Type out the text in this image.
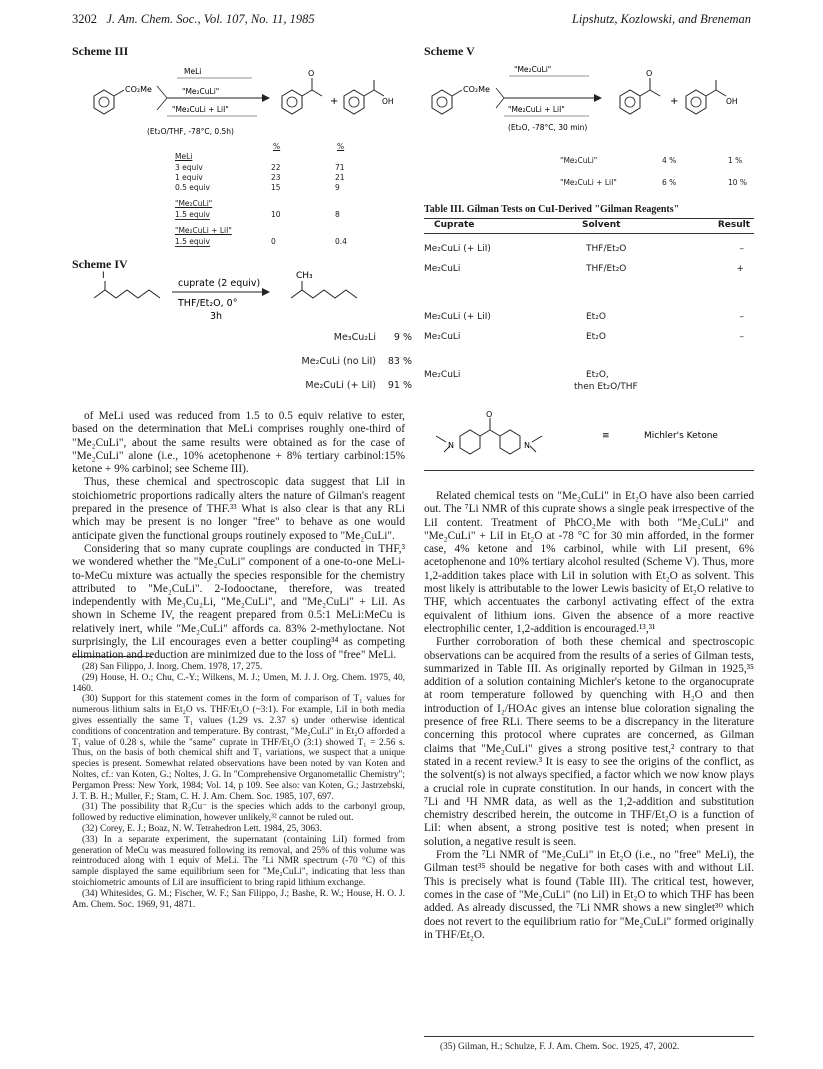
3202 J. Am. Chem. Soc., Vol. 107, No. 11, 1985	Lipshutz, Kozlowski, and Breneman
Scheme III
CO₂Me
MeLi
"Me₂CuLi"
"Me₂CuLi + LiI"
O
+	OH
(Et₂O/THF, -78°C, 0.5h)
%	%
MeLi
3 equiv	22	71
1 equiv	23	21
0.5 equiv	15	9
"Me₂CuLi"
1.5 equiv	10	8
"Me₂CuLi + LiI"
1.5 equiv	0	0.4
Scheme IV
I
cuprate (2 equiv)
THF/Et₂O, 0°
3h
CH₃
Me₃Cu₂Li 9 %
Me₂CuLi (no LiI) 83 %
Me₂CuLi (+ LiI) 91 %

of MeLi used was reduced from 1.5 to 0.5 equiv relative to ester, based on the determination that MeLi comprises roughly one-third of "Me₂CuLi", about the same results were obtained as for the case of "Me₂CuLi" alone (i.e., 10% acetophenone + 8% tertiary carbinol:15% ketone + 9% carbinol; see Scheme III).

Thus, these chemical and spectroscopic data suggest that LiI in stoichiometric proportions radically alters the nature of Gilman's reagent prepared in the presence of THF.³³ What is also clear is that any RLi which may be present is no longer "free" to behave as one would anticipate given the functional groups routinely exposed to "Me₂CuLi".

Considering that so many cuprate couplings are conducted in THF,³ we wondered whether the "Me₂CuLi" component of a one-to-one MeLi-to-MeCu mixture was actually the species responsible for the chemistry attributed to "Me₂CuLi". 2-Iodooctane, therefore, was treated independently with Me₃Cu₂Li, "Me₂CuLi", and "Me₂CuLi" + LiI. As shown in Scheme IV, the reagent prepared from 0.5:1 MeLi:MeCu is relatively inert, while "Me₂CuLi" affords ca. 83% 2-methyloctane. Not surprisingly, the LiI encourages even a better coupling³⁴ as competing elimination and reduction are minimized due to the loss of "free" MeLi.

(28) San Filippo, J. Inorg. Chem. 1978, 17, 275.

(29) House, H. O.; Chu, C.-Y.; Wilkens, M. J.; Umen, M. J. J. Org. Chem. 1975, 40, 1460.

(30) Support for this statement comes in the form of comparison of T₁ values for numerous lithium salts in Et₂O vs. THF/Et₂O (~3:1). For example, LiI in both media gives essentially the same T₁ values (1.29 vs. 2.37 s) under otherwise identical conditions of concentration and temperature. By contrast, "Me₂CuLi" in Et₂O afforded a T₁ value of 0.28 s, while the "same" cuprate in THF/Et₂O (3:1) showed T₁ = 2.56 s. Thus, on the basis of both chemical shift and T₁ variations, we suspect that a unique species is present. Somewhat related observations have been noted by van Koten and Noltes, cf.: van Koten, G.; Noltes, J. G. In "Comprehensive Organometallic Chemistry"; Pergamon Press: New York, 1984; Vol. 14, p 109. See also: van Koten, G.; Jastrzebski, J. T. B. H.; Muller, F.; Stam, C. H. J. Am. Chem. Soc. 1985, 107, 697.

(31) The possibility that R₂Cu⁻ is the species which adds to the carbonyl group, followed by reductive elimination, however unlikely,³² cannot be ruled out.

(32) Corey, E. J.; Boaz, N. W. Tetrahedron Lett. 1984, 25, 3063.

(33) In a separate experiment, the supernatant (containing LiI) formed from generation of MeCu was measured following its removal, and 25% of this volume was reintroduced along with 1 equiv of MeLi. The ⁷Li NMR spectrum (-70 °C) of this sample displayed the same equilibrium seen for "Me₂CuLi", indicating that less than stoichiometric amounts of LiI are insufficient to bring rapid lithium exchange.

(34) Whitesides, G. M.; Fischer, W. F.; San Filippo, J.; Bashe, R. W.; House, H. O. J. Am. Chem. Soc. 1969, 91, 4871.

Scheme V
CO₂Me
"Me₂CuLi"
"Me₂CuLi + LiI"
O
+	OH
(Et₂O, -78°C, 30 min)
"Me₂CuLi"	4 %	1 %
"Me₂CuLi + LiI"	6 %	10 %
Table III. Gilman Tests on CuI-Derived "Gilman Reagents"
Cuprate	Solvent	Result
Me₂CuLi (+ LiI)	THF/Et₂O	–
Me₂CuLi	THF/Et₂O	+
Me₂CuLi (+ LiI)	Et₂O	–
Me₂CuLi	Et₂O	–
Me₂CuLi	Et₂O,
then Et₂O/THF
N
O
N
≡	Michler's Ketone

Related chemical tests on "Me₂CuLi" in Et₂O have also been carried out. The ⁷Li NMR of this cuprate shows a single peak irrespective of the LiI content. Treatment of PhCO₂Me with both "Me₂CuLi" and "Me₂CuLi" + LiI in Et₂O at -78 °C for 30 min afforded, in the former case, 4% ketone and 1% carbinol, while with LiI present, 6% acetophenone and 10% tertiary alcohol resulted (Scheme V). Thus, more 1,2-addition takes place with LiI in solution with Et₂O as solvent. This most likely is attributable to the lower Lewis basicity of Et₂O relative to THF, which accentuates the carbonyl activating effect of the extra equivalent of lithium ions. Given the absence of a more reactive electrophilic center, 1,2-addition is encouraged.¹³,³¹

Further corroboration of both these chemical and spectroscopic observations can be acquired from the results of a series of Gilman tests, summarized in Table III. As originally reported by Gilman in 1925,³⁵ addition of a solution containing Michler's ketone to the organocuprate at room temperature followed by quenching with H₂O and then introduction of I₂/HOAc gives an intense blue coloration signaling the presence of free RLi. There seems to be a discrepancy in the literature concerning this protocol where cuprates are concerned, as Gilman claims that "Me₂CuLi" gives a strong positive test,² contrary to that stated in a recent review.³ It is easy to see the origins of the conflict, as the solvent(s) is not always specified, a factor which we now know plays a crucial role in cuprate constitution. In our hands, in concert with the ⁷Li and ¹H NMR data, as well as the 1,2-addition and substitution chemistry described herein, the outcome in THF/Et₂O is a function of LiI: when absent, a strong positive test is noted; when present in solution, a negative result is seen.

From the ⁷Li NMR of "Me₂CuLi" in Et₂O (i.e., no "free" MeLi), the Gilman test³⁵ should be negative for both cases with and without LiI. This is precisely what is found (Table III). The critical test, however, comes in the case of "Me₂CuLi" (no LiI) in Et₂O to which THF has been added. As already discussed, the ⁷Li NMR shows a new singlet³⁰ which does not revert to the equilibrium ratio for "Me₂CuLi" formed originally in THF/Et₂O.

(35) Gilman, H.; Schulze, F. J. Am. Chem. Soc. 1925, 47, 2002.
